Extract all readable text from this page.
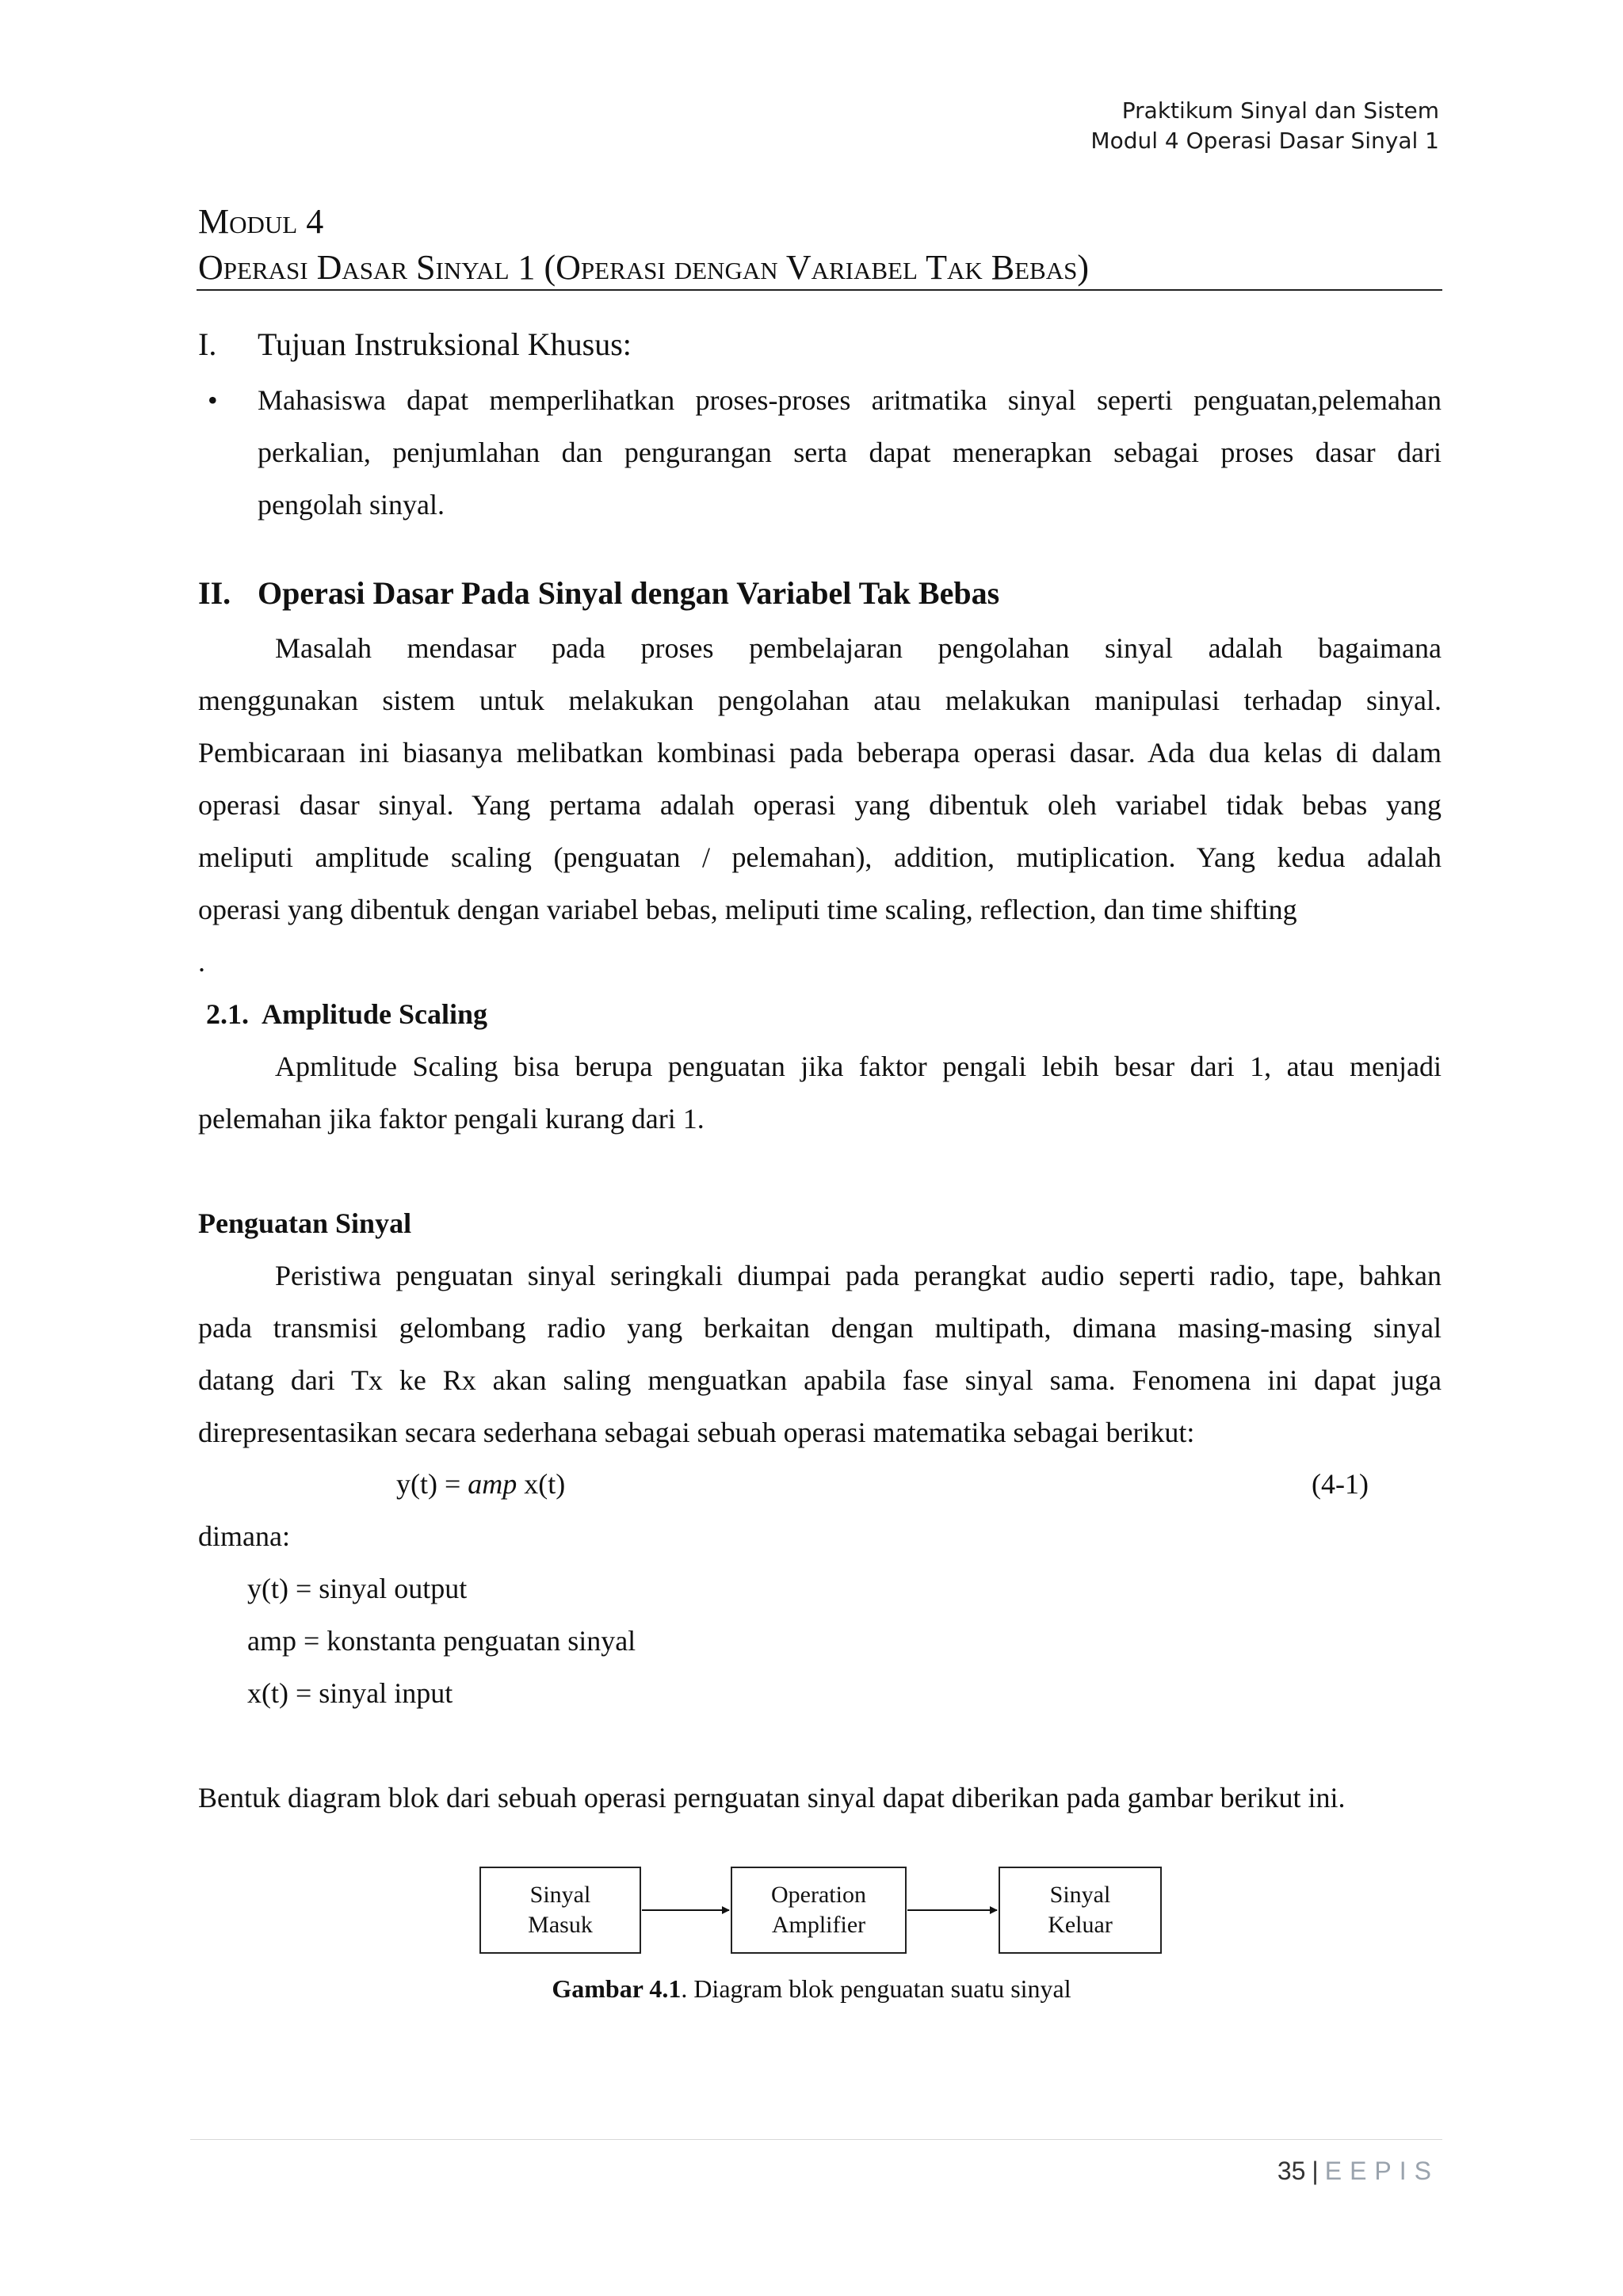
Praktikum Sinyal dan Sistem
Modul 4 Operasi Dasar Sinyal 1
Modul 4
Operasi Dasar Sinyal 1 (Operasi dengan Variabel Tak Bebas)
I. Tujuan Instruksional Khusus:
• Mahasiswa dapat memperlihatkan proses-proses aritmatika sinyal seperti penguatan,pelemahan
perkalian, penjumlahan dan pengurangan serta dapat menerapkan sebagai proses dasar dari
pengolah sinyal.
II. Operasi Dasar Pada Sinyal dengan Variabel Tak Bebas
Masalah mendasar pada proses pembelajaran pengolahan sinyal adalah bagaimana
menggunakan sistem untuk melakukan pengolahan atau melakukan manipulasi terhadap sinyal.
Pembicaraan ini biasanya melibatkan kombinasi pada beberapa operasi dasar. Ada dua kelas di dalam
operasi dasar sinyal. Yang pertama adalah operasi yang dibentuk oleh variabel tidak bebas yang
meliputi amplitude scaling (penguatan / pelemahan), addition, mutiplication. Yang kedua adalah
operasi yang dibentuk dengan variabel bebas, meliputi time scaling, reflection, dan time shifting
.
2.1.  Amplitude Scaling
Apmlitude Scaling bisa berupa penguatan jika faktor pengali lebih besar dari 1, atau menjadi
pelemahan jika faktor pengali kurang dari 1.
Penguatan Sinyal
Peristiwa penguatan sinyal seringkali diumpai pada perangkat audio seperti radio, tape, bahkan
pada transmisi gelombang radio yang berkaitan dengan multipath, dimana masing-masing sinyal
datang dari Tx ke Rx akan saling menguatkan apabila fase sinyal sama. Fenomena ini dapat juga
direpresentasikan secara sederhana sebagai sebuah operasi matematika sebagai berikut:
y(t) = amp x(t)	(4-1)
dimana:
y(t) = sinyal output
amp = konstanta penguatan sinyal
x(t) = sinyal input
Bentuk diagram blok dari sebuah operasi pernguatan sinyal dapat diberikan pada gambar berikut ini.
Sinyal
Masuk
Operation
Amplifier
Sinyal
Keluar
Gambar 4.1. Diagram blok penguatan suatu sinyal
35 | EEPIS
